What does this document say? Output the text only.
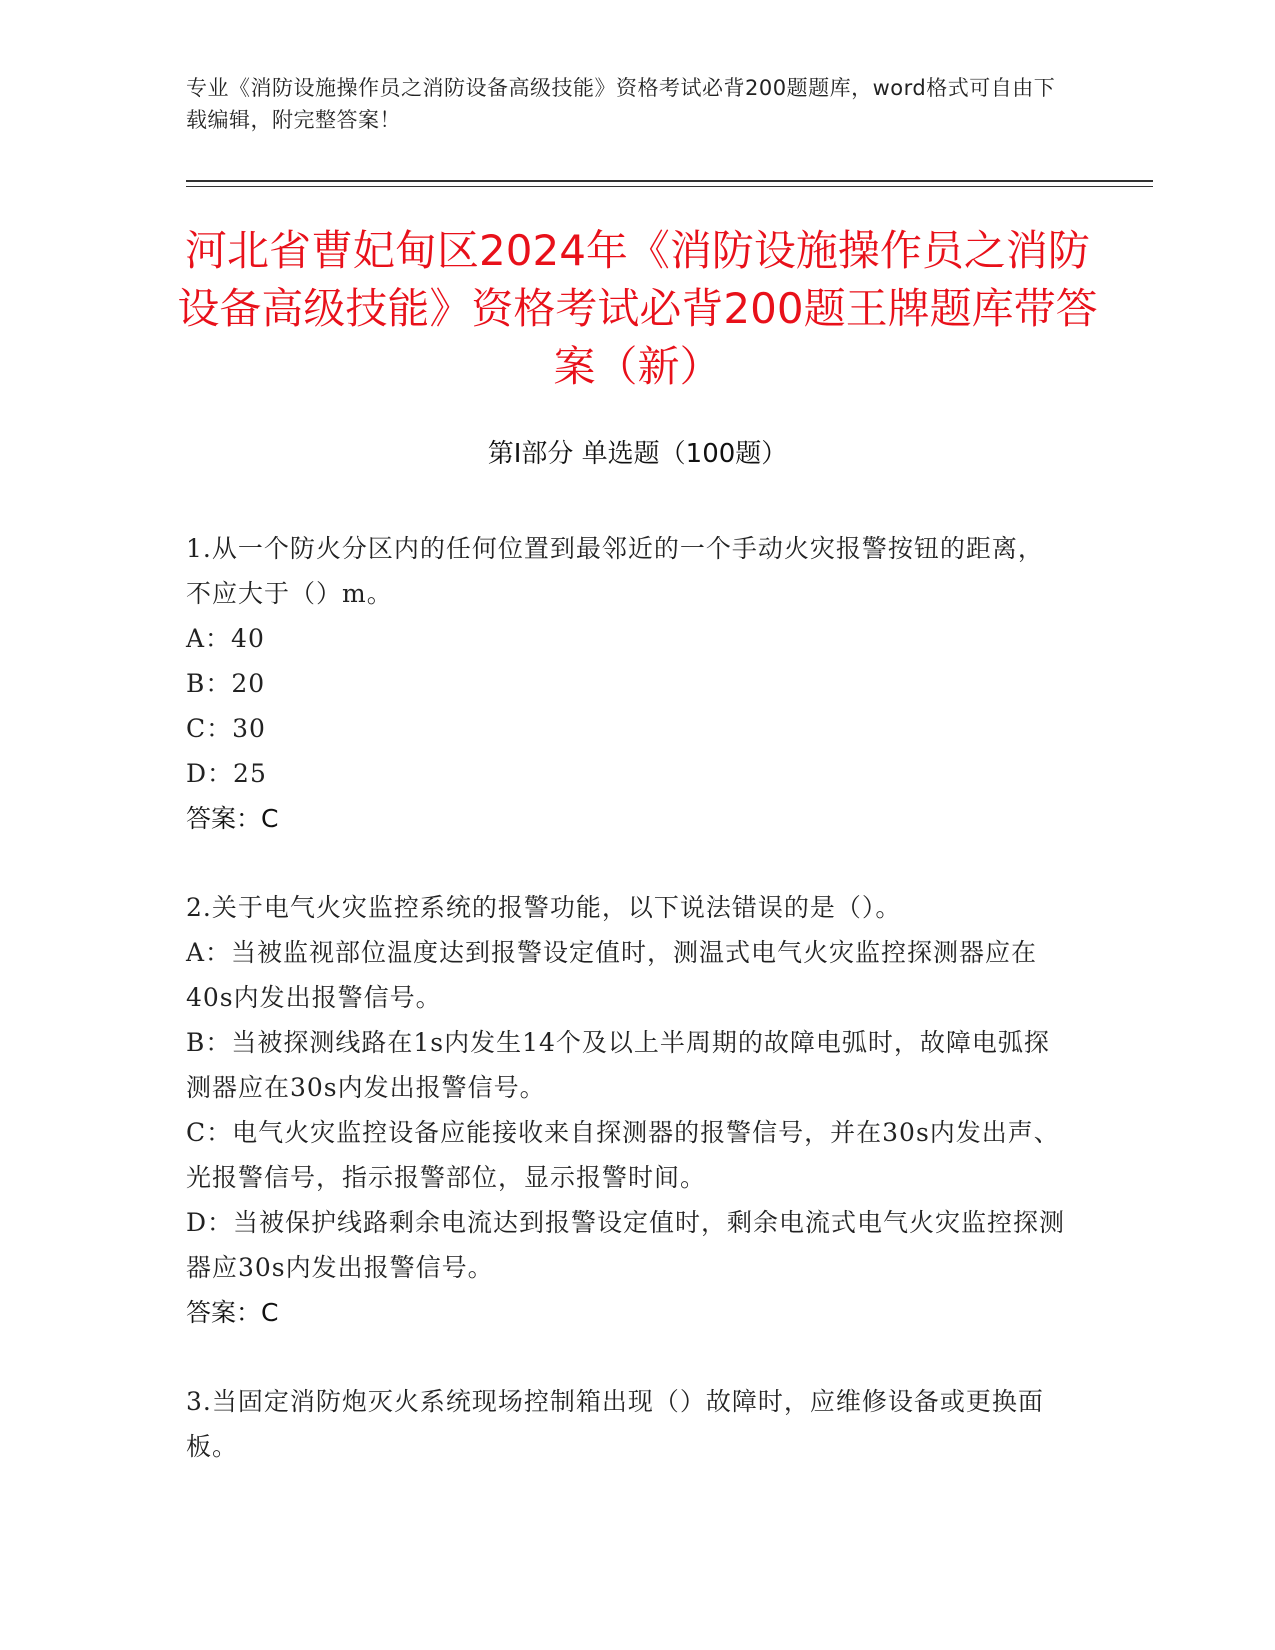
专业《消防设施操作员之消防设备高级技能》资格考试必背200题题库，word格式可自由下载编辑，附完整答案！
河北省曹妃甸区2024年《消防设施操作员之消防设备高级技能》资格考试必背200题王牌题库带答案（新）
第Ⅰ部分 单选题（100题）

1.从一个防火分区内的任何位置到最邻近的一个手动火灾报警按钮的距离，不应大于（）m。

A：40

B：20

C：30

D：25

答案：C

2.关于电气火灾监控系统的报警功能，以下说法错误的是（）。

A：当被监视部位温度达到报警设定值时，测温式电气火灾监控探测器应在40s内发出报警信号。

B：当被探测线路在1s内发生14个及以上半周期的故障电弧时，故障电弧探测器应在30s内发出报警信号。

C：电气火灾监控设备应能接收来自探测器的报警信号，并在30s内发出声、光报警信号，指示报警部位，显示报警时间。

D：当被保护线路剩余电流达到报警设定值时，剩余电流式电气火灾监控探测器应30s内发出报警信号。

答案：C

3.当固定消防炮灭火系统现场控制箱出现（）故障时，应维修设备或更换面板。
